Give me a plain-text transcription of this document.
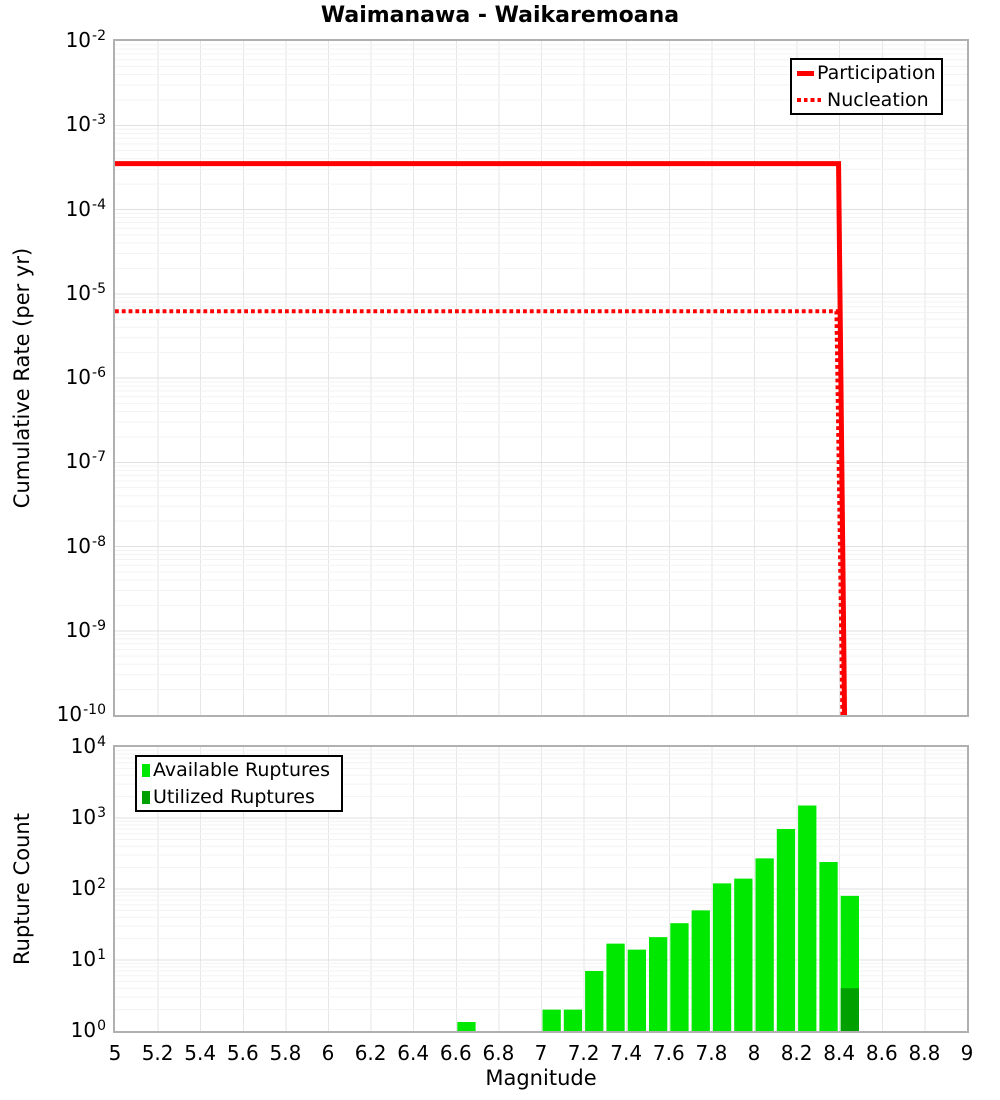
Waimanawa - Waikaremoana
Cumulative Rate (per yr)
Rupture Count
Magnitude
$10^{-2}$
$10^{-3}$
$10^{-4}$
$10^{-5}$
$10^{-6}$
$10^{-7}$
$10^{-8}$
$10^{-9}$
$10^{-10}$
$10^4$
$10^3$
$10^2$
$10^1$
$10^0$
5 5.2 5.4 5.6 5.8 6 6.2 6.4 6.6 6.8 7 7.2 7.4 7.6 7.8 8 8.2 8.4 8.6 8.8 9
Participation
Nucleation
Available Ruptures
Utilized Ruptures
